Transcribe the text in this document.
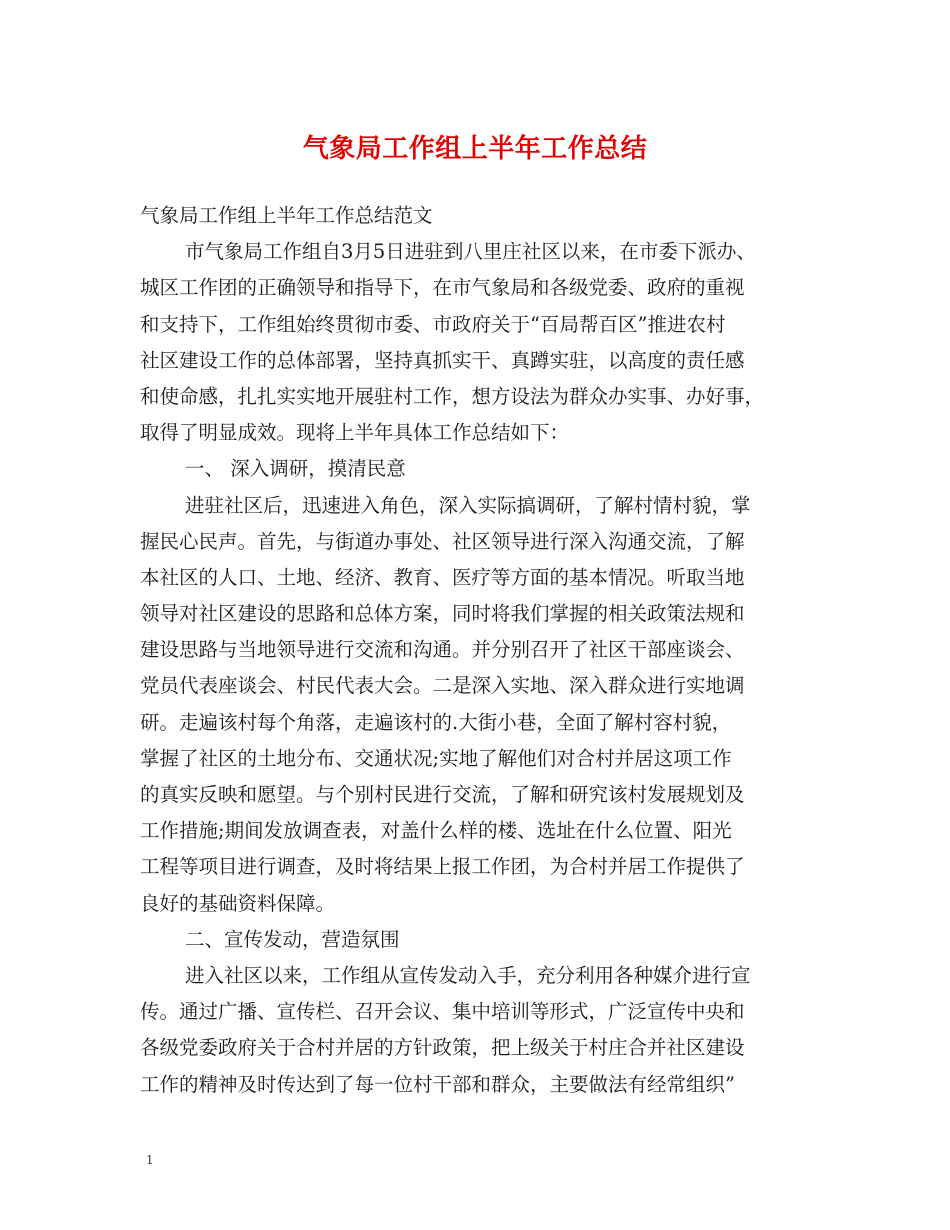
气象局工作组上半年工作总结
气象局工作组上半年工作总结范文
市气象局工作组自3月5日进驻到八里庄社区以来，在市委下派办、
城区工作团的正确领导和指导下，在市气象局和各级党委、政府的重视
和支持下，工作组始终贯彻市委、市政府关于“百局帮百区”推进农村
社区建设工作的总体部署，坚持真抓实干、真蹲实驻，以高度的责任感
和使命感，扎扎实实地开展驻村工作，想方设法为群众办实事、办好事，
取得了明显成效。现将上半年具体工作总结如下：
一、 深入调研，摸清民意
进驻社区后，迅速进入角色，深入实际搞调研，了解村情村貌，掌
握民心民声。首先，与街道办事处、社区领导进行深入沟通交流，了解
本社区的人口、土地、经济、教育、医疗等方面的基本情况。听取当地
领导对社区建设的思路和总体方案，同时将我们掌握的相关政策法规和
建设思路与当地领导进行交流和沟通。并分别召开了社区干部座谈会、
党员代表座谈会、村民代表大会。二是深入实地、深入群众进行实地调
研。走遍该村每个角落，走遍该村的.大街小巷，全面了解村容村貌，
掌握了社区的土地分布、交通状况;实地了解他们对合村并居这项工作
的真实反映和愿望。与个别村民进行交流，了解和研究该村发展规划及
工作措施;期间发放调查表，对盖什么样的楼、选址在什么位置、阳光
工程等项目进行调查，及时将结果上报工作团，为合村并居工作提供了
良好的基础资料保障。
二、宣传发动，营造氛围
进入社区以来，工作组从宣传发动入手，充分利用各种媒介进行宣
传。通过广播、宣传栏、召开会议、集中培训等形式，广泛宣传中央和
各级党委政府关于合村并居的方针政策，把上级关于村庄合并社区建设
工作的精神及时传达到了每一位村干部和群众，主要做法有经常组织”
1
